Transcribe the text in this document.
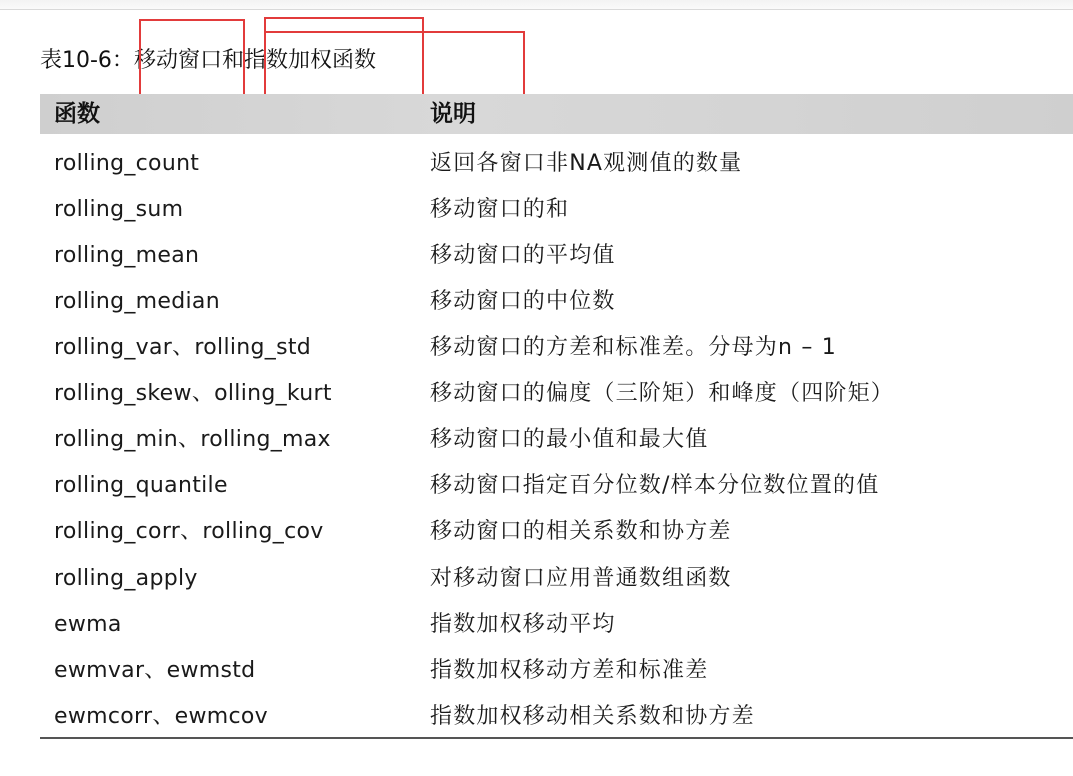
表10-6：移动窗口和指数加权函数
函数	说明
rolling_count	返回各窗口非NA观测值的数量
rolling_sum	移动窗口的和
rolling_mean	移动窗口的平均值
rolling_median	移动窗口的中位数
rolling_var、rolling_std	移动窗口的方差和标准差。分母为n – 1
rolling_skew、olling_kurt	移动窗口的偏度（三阶矩）和峰度（四阶矩）
rolling_min、rolling_max	移动窗口的最小值和最大值
rolling_quantile	移动窗口指定百分位数/样本分位数位置的值
rolling_corr、rolling_cov	移动窗口的相关系数和协方差
rolling_apply	对移动窗口应用普通数组函数
ewma	指数加权移动平均
ewmvar、ewmstd	指数加权移动方差和标准差
ewmcorr、ewmcov	指数加权移动相关系数和协方差
